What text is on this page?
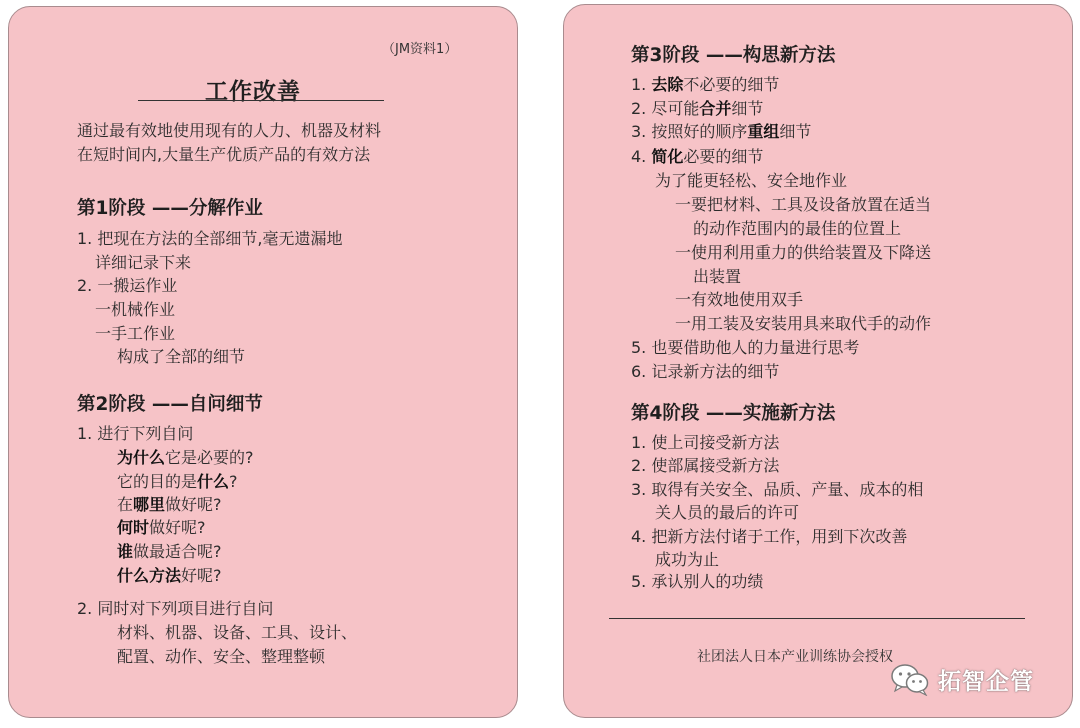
（JM资料1）
工作改善
通过最有效地使用现有的人力、机器及材料
在短时间内,大量生产优质产品的有效方法
第1阶段 ——分解作业
1. 把现在方法的全部细节,毫无遗漏地
详细记录下来
2. 一搬运作业
一机械作业
一手工作业
构成了全部的细节
第2阶段 ——自问细节
1. 进行下列自问
为什么它是必要的?
它的目的是什么?
在哪里做好呢?
何时做好呢?
谁做最适合呢?
什么方法好呢?
2. 同时对下列项目进行自问
材料、机器、设备、工具、设计、
配置、动作、安全、整理整顿
第3阶段 ——构思新方法
1. 去除不必要的细节
2. 尽可能合并细节
3. 按照好的顺序重组细节
4. 简化必要的细节
为了能更轻松、安全地作业
一要把材料、工具及设备放置在适当
的动作范围内的最佳的位置上
一使用利用重力的供给装置及下降送
出装置
一有效地使用双手
一用工装及安装用具来取代手的动作
5. 也要借助他人的力量进行思考
6. 记录新方法的细节
第4阶段 ——实施新方法
1. 使上司接受新方法
2. 使部属接受新方法
3. 取得有关安全、品质、产量、成本的相
关人员的最后的许可
4. 把新方法付诸于工作，用到下次改善
成功为止
5. 承认别人的功绩
社团法人日本产业训练协会授权
拓智企管
